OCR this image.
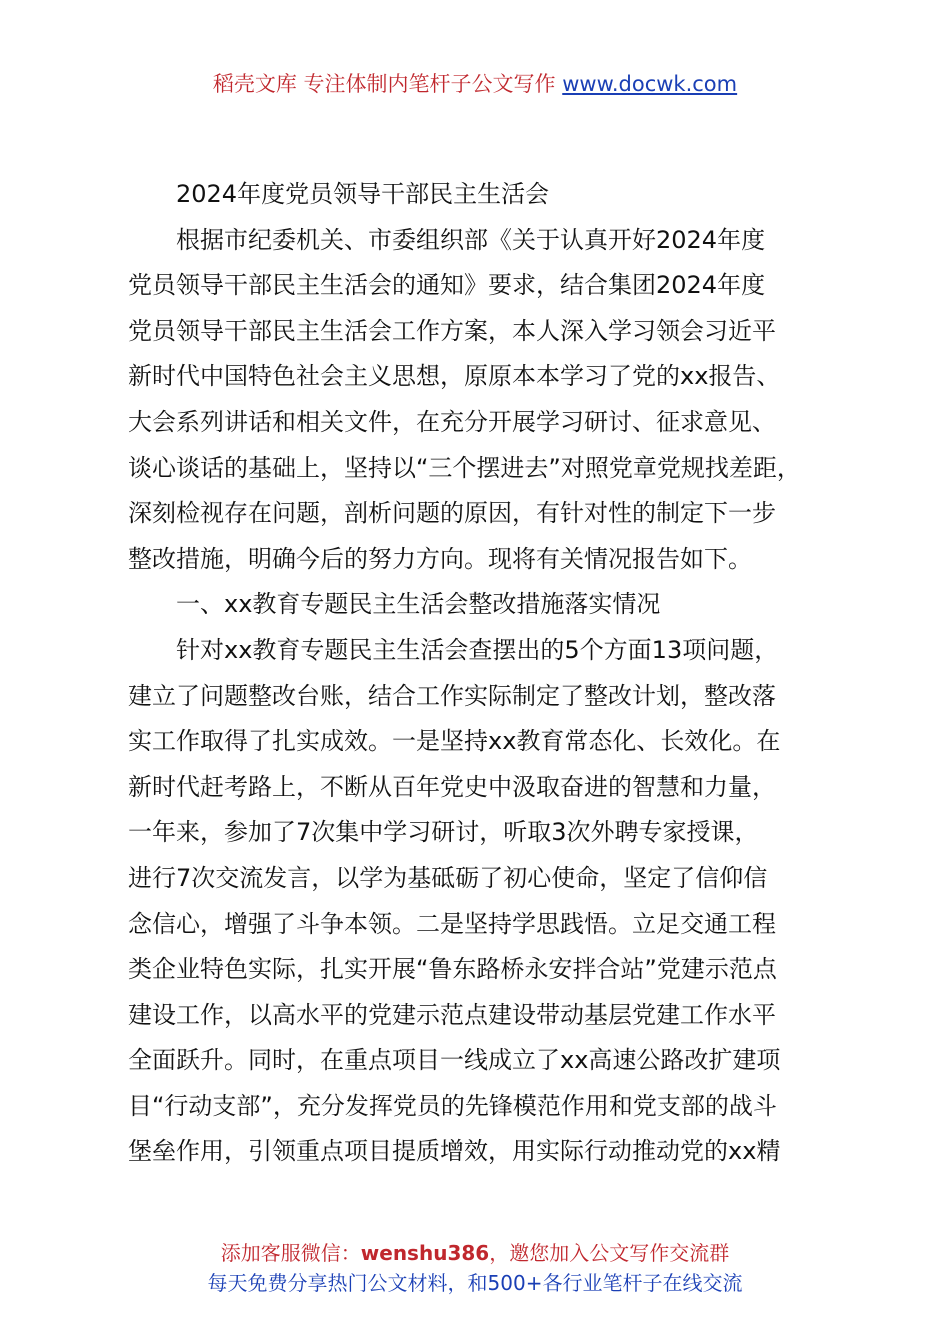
稻壳文库 专注体制内笔杆子公文写作 www.docwk.com

2024年度党员领导干部民主生活会

根据市纪委机关、市委组织部《关于认真开好2024年度
党员领导干部民主生活会的通知》要求，结合集团2024年度
党员领导干部民主生活会工作方案，本人深入学习领会习近平
新时代中国特色社会主义思想，原原本本学习了党的xx报告、
大会系列讲话和相关文件，在充分开展学习研讨、征求意见、
谈心谈话的基础上，坚持以“三个摆进去”对照党章党规找差距，
深刻检视存在问题，剖析问题的原因，有针对性的制定下一步
整改措施，明确今后的努力方向。现将有关情况报告如下。

一、xx教育专题民主生活会整改措施落实情况

针对xx教育专题民主生活会查摆出的5个方面13项问题，
建立了问题整改台账，结合工作实际制定了整改计划，整改落
实工作取得了扎实成效。一是坚持xx教育常态化、长效化。在
新时代赶考路上，不断从百年党史中汲取奋进的智慧和力量，
一年来，参加了7次集中学习研讨，听取3次外聘专家授课，
进行7次交流发言，以学为基砥砺了初心使命，坚定了信仰信
念信心，增强了斗争本领。二是坚持学思践悟。立足交通工程
类企业特色实际，扎实开展“鲁东路桥永安拌合站”党建示范点
建设工作，以高水平的党建示范点建设带动基层党建工作水平
全面跃升。同时，在重点项目一线成立了xx高速公路改扩建项
目“行动支部”，充分发挥党员的先锋模范作用和党支部的战斗
堡垒作用，引领重点项目提质增效，用实际行动推动党的xx精

添加客服微信：wenshu386，邀您加入公文写作交流群
每天免费分享热门公文材料，和500+各行业笔杆子在线交流
